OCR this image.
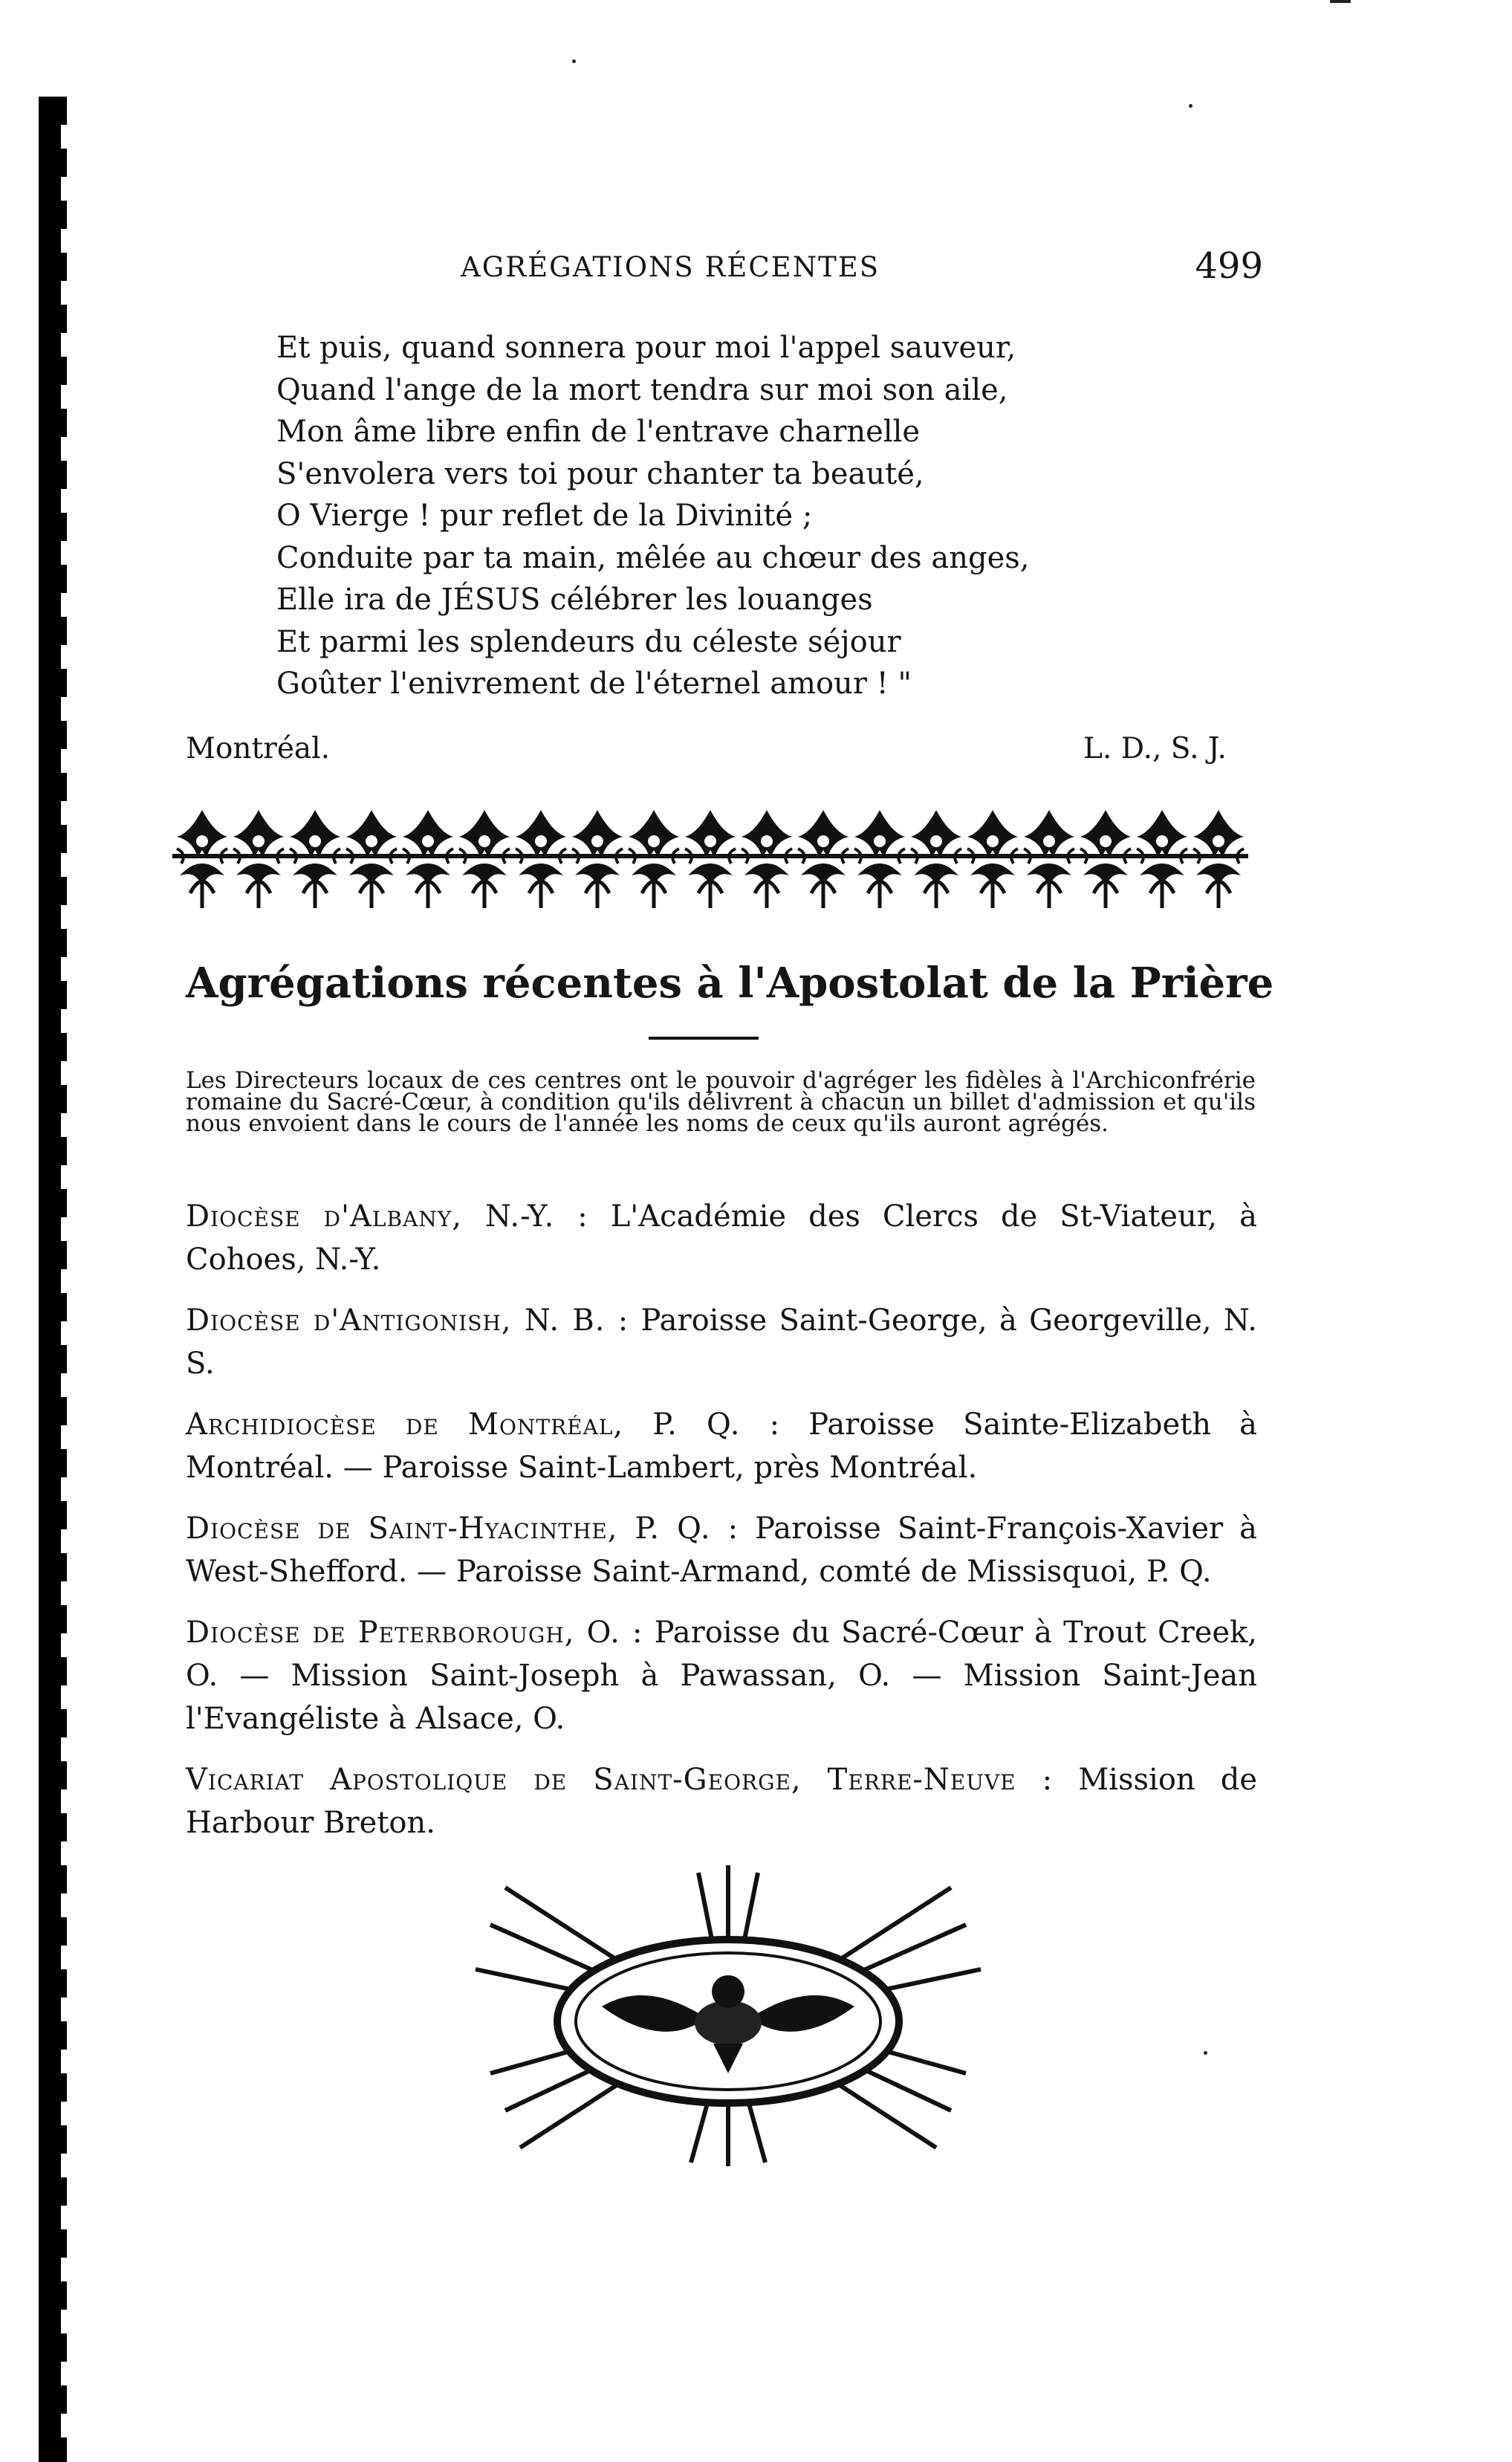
AGRÉGATIONS RÉCENTES	499
Et puis, quand sonnera pour moi l'appel sauveur,
Quand l'ange de la mort tendra sur moi son aile,
Mon âme libre enfin de l'entrave charnelle
S'envolera vers toi pour chanter ta beauté,
O Vierge ! pur reflet de la Divinité ;
Conduite par ta main, mêlée au chœur des anges,
Elle ira de JÉSUS célébrer les louanges
Et parmi les splendeurs du céleste séjour
Goûter l'enivrement de l'éternel amour ! "
Montréal.	L. D., S. J.
Agrégations récentes à l'Apostolat de la Prière
Les Directeurs locaux de ces centres ont le pouvoir d'agréger les fidèles à l'Archiconfrérie romaine du Sacré-Cœur, à condition qu'ils délivrent à chacun un billet d'admission et qu'ils nous envoient dans le cours de l'année les noms de ceux qu'ils auront agrégés.

Diocèse d'Albany, N.-Y. : L'Académie des Clercs de St-Viateur, à Cohoes, N.-Y.

Diocèse d'Antigonish, N. B. : Paroisse Saint-George, à Georgeville, N. S.

Archidiocèse de Montréal, P. Q. : Paroisse Sainte-Elizabeth à Montréal. — Paroisse Saint-Lambert, près Montréal.

Diocèse de Saint-Hyacinthe, P. Q. : Paroisse Saint-François-Xavier à West-Shefford. — Paroisse Saint-Armand, comté de Missisquoi, P. Q.

Diocèse de Peterborough, O. : Paroisse du Sacré-Cœur à Trout Creek, O. — Mission Saint-Joseph à Pawassan, O. — Mission Saint-Jean l'Evangéliste à Alsace, O.

Vicariat Apostolique de Saint-George, Terre-Neuve : Mission de Harbour Breton.
